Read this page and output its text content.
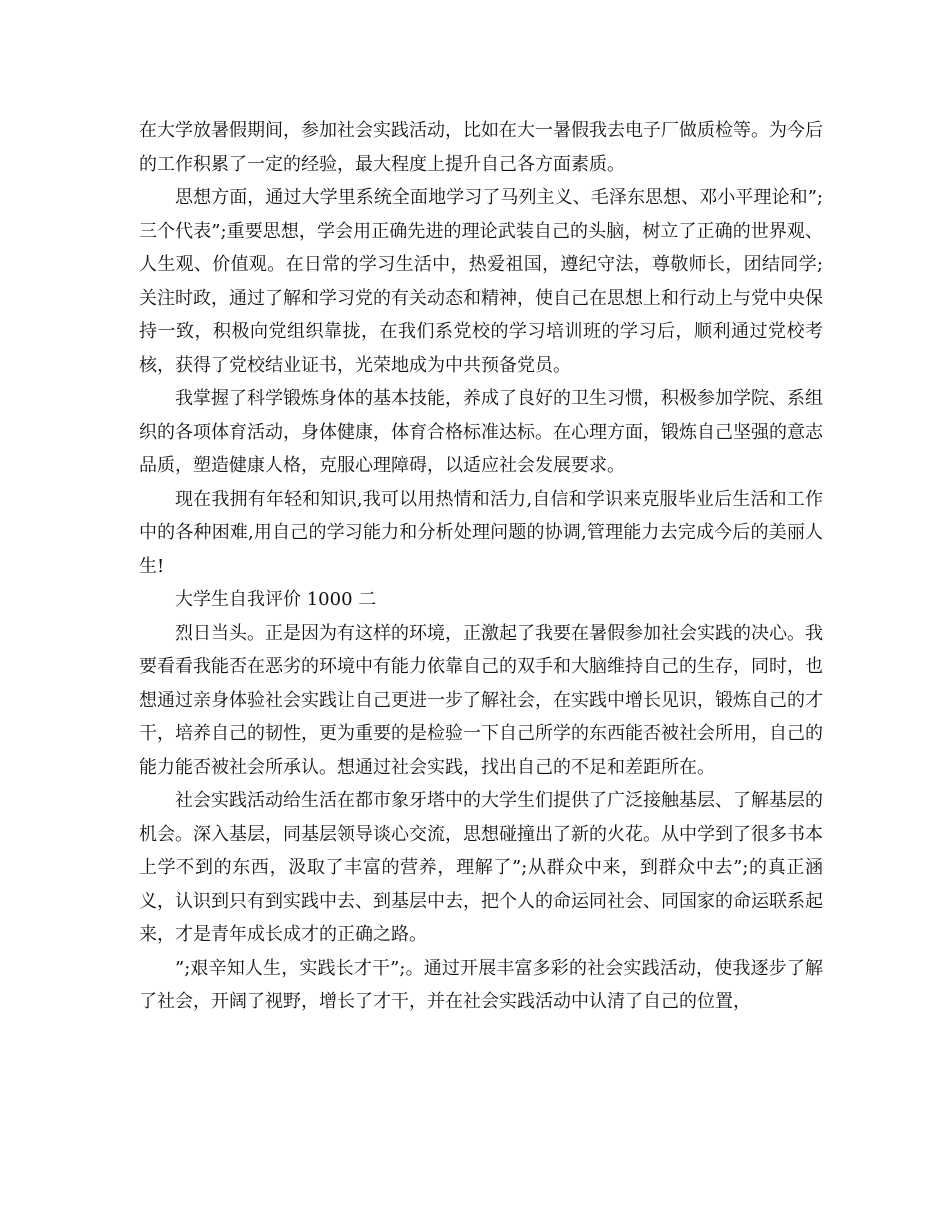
在大学放暑假期间，参加社会实践活动，比如在大一暑假我去电子厂做质检等。为今后的工作积累了一定的经验，最大程度上提升自己各方面素质。

思想方面，通过大学里系统全面地学习了马列主义、毛泽东思想、邓小平理论和”;三个代表”;重要思想，学会用正确先进的理论武装自己的头脑，树立了正确的世界观、人生观、价值观。在日常的学习生活中，热爱祖国，遵纪守法，尊敬师长，团结同学;关注时政，通过了解和学习党的有关动态和精神，使自己在思想上和行动上与党中央保持一致，积极向党组织靠拢，在我们系党校的学习培训班的学习后，顺利通过党校考核，获得了党校结业证书，光荣地成为中共预备党员。

我掌握了科学锻炼身体的基本技能，养成了良好的卫生习惯，积极参加学院、系组织的各项体育活动，身体健康，体育合格标准达标。在心理方面，锻炼自己坚强的意志品质，塑造健康人格，克服心理障碍，以适应社会发展要求。

现在我拥有年轻和知识,我可以用热情和活力,自信和学识来克服毕业后生活和工作中的各种困难,用自己的学习能力和分析处理问题的协调,管理能力去完成今后的美丽人生!

大学生自我评价 1000 二

烈日当头。正是因为有这样的环境，正激起了我要在暑假参加社会实践的决心。我要看看我能否在恶劣的环境中有能力依靠自己的双手和大脑维持自己的生存，同时，也想通过亲身体验社会实践让自己更进一步了解社会，在实践中增长见识，锻炼自己的才干，培养自己的韧性，更为重要的是检验一下自己所学的东西能否被社会所用，自己的能力能否被社会所承认。想通过社会实践，找出自己的不足和差距所在。

社会实践活动给生活在都市象牙塔中的大学生们提供了广泛接触基层、了解基层的机会。深入基层，同基层领导谈心交流，思想碰撞出了新的火花。从中学到了很多书本上学不到的东西，汲取了丰富的营养，理解了”;从群众中来，到群众中去”;的真正涵义，认识到只有到实践中去、到基层中去，把个人的命运同社会、同国家的命运联系起来，才是青年成长成才的正确之路。

”;艰辛知人生，实践长才干”;。通过开展丰富多彩的社会实践活动，使我逐步了解了社会，开阔了视野，增长了才干，并在社会实践活动中认清了自己的位置，
